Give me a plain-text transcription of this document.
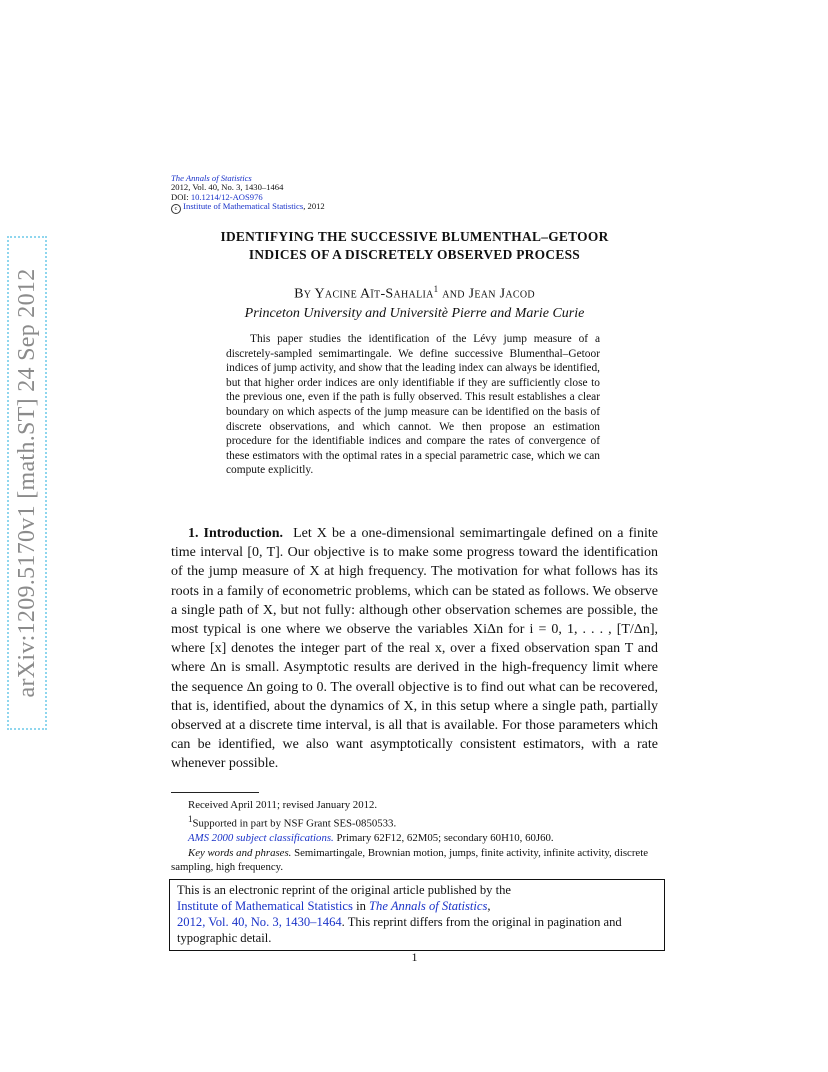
arXiv:1209.5170v1 [math.ST] 24 Sep 2012
The Annals of Statistics
2012, Vol. 40, No. 3, 1430–1464
DOI: 10.1214/12-AOS976
c Institute of Mathematical Statistics, 2012
IDENTIFYING THE SUCCESSIVE BLUMENTHAL–GETOOR
INDICES OF A DISCRETELY OBSERVED PROCESS
By Yacine Aït-Sahalia$^1$ and Jean Jacod
Princeton University and Universitè Pierre and Marie Curie

This paper studies the identification of the Lévy jump measure of a discretely-sampled semimartingale. We define successive Blumenthal–Getoor indices of jump activity, and show that the leading index can always be identified, but that higher order indices are only identifiable if they are sufficiently close to the previous one, even if the path is fully observed. This result establishes a clear boundary on which aspects of the jump measure can be identified on the basis of discrete observations, and which cannot. We then propose an estimation procedure for the identifiable indices and compare the rates of convergence of these estimators with the optimal rates in a special parametric case, which we can compute explicitly.

1. Introduction. Let X be a one-dimensional semimartingale defined on a finite time interval [0, T]. Our objective is to make some progress toward the identification of the jump measure of X at high frequency. The motivation for what follows has its roots in a family of econometric problems, which can be stated as follows. We observe a single path of X, but not fully: although other observation schemes are possible, the most typical is one where we observe the variables XiΔn for i = 0, 1, . . . , [T/Δn], where [x] denotes the integer part of the real x, over a fixed observation span T and where Δn is small. Asymptotic results are derived in the high-frequency limit where the sequence Δn going to 0. The overall objective is to find out what can be recovered, that is, identified, about the dynamics of X, in this setup where a single path, partially observed at a discrete time interval, is all that is available. For those parameters which can be identified, we also want asymptotically consistent estimators, with a rate whenever possible.

Received April 2011; revised January 2012.
$^1$Supported in part by NSF Grant SES-0850533.
AMS 2000 subject classifications. Primary 62F12, 62M05; secondary 60H10, 60J60.
Key words and phrases. Semimartingale, Brownian motion, jumps, finite activity, infinite activity, discrete sampling, high frequency.
This is an electronic reprint of the original article published by the
Institute of Mathematical Statistics in The Annals of Statistics,
2012, Vol. 40, No. 3, 1430–1464. This reprint differs from the original in pagination and typographic detail.
1
